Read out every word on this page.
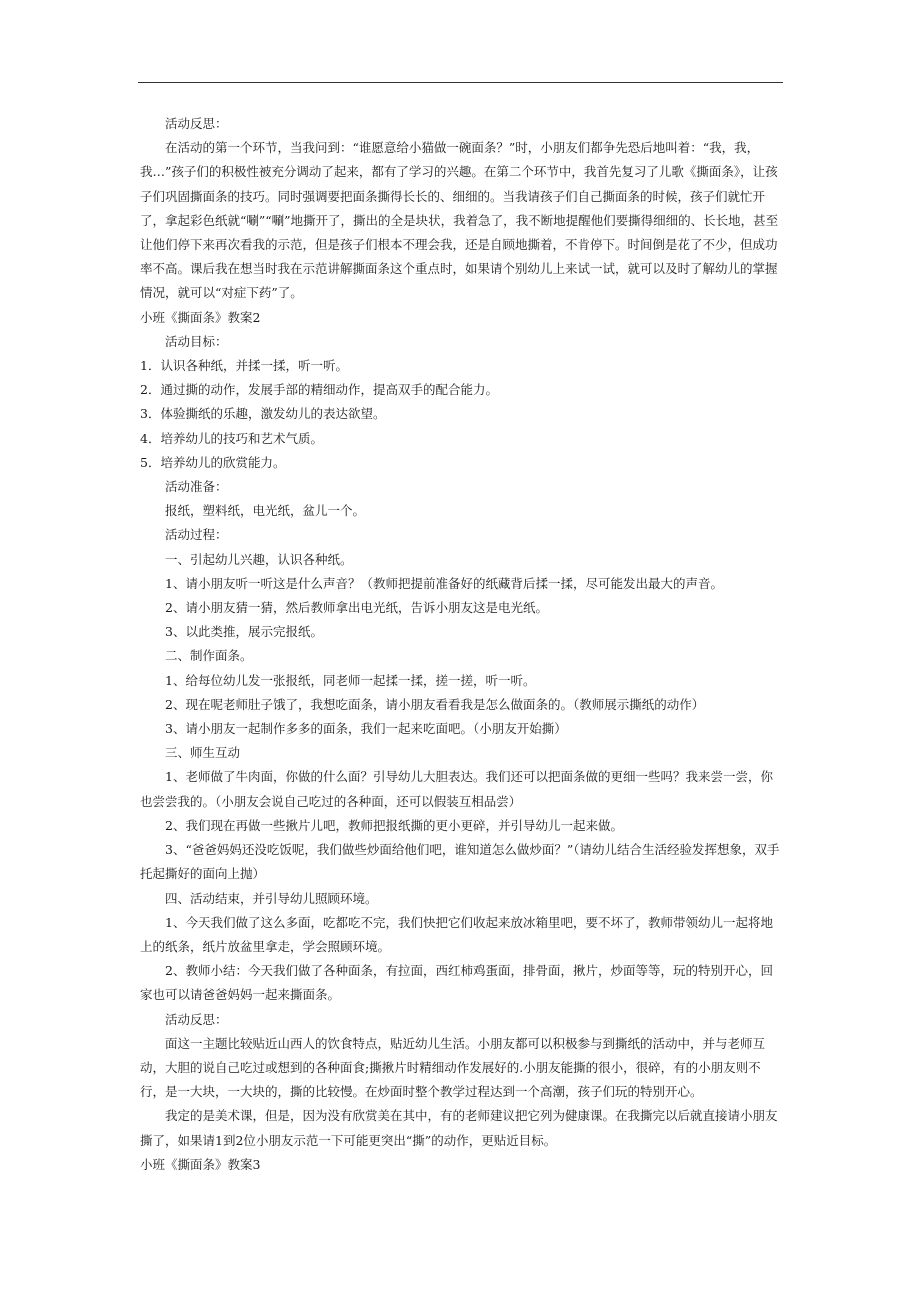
活动反思：

在活动的第一个环节，当我问到：“谁愿意给小猫做一碗面条？”时，小朋友们都争先恐后地叫着：“我，我，我…”孩子们的积极性被充分调动了起来，都有了学习的兴趣。在第二个环节中，我首先复习了儿歌《撕面条》，让孩子们巩固撕面条的技巧。同时强调要把面条撕得长长的、细细的。当我请孩子们自己撕面条的时候，孩子们就忙开了，拿起彩色纸就“唰”“唰”地撕开了，撕出的全是块状，我着急了，我不断地提醒他们要撕得细细的、长长地，甚至让他们停下来再次看我的示范，但是孩子们根本不理会我，还是自顾地撕着，不肯停下。时间倒是花了不少，但成功率不高。课后我在想当时我在示范讲解撕面条这个重点时，如果请个别幼儿上来试一试，就可以及时了解幼儿的掌握情况，就可以“对症下药”了。

小班《撕面条》教案2

活动目标：

1．认识各种纸，并揉一揉，听一听。

2．通过撕的动作，发展手部的精细动作，提高双手的配合能力。

3．体验撕纸的乐趣，激发幼儿的表达欲望。

4．培养幼儿的技巧和艺术气质。

5．培养幼儿的欣赏能力。

活动准备：

报纸，塑料纸，电光纸，盆儿一个。

活动过程：

一、引起幼儿兴趣，认识各种纸。

1、请小朋友听一听这是什么声音？（教师把提前准备好的纸藏背后揉一揉，尽可能发出最大的声音。

2、请小朋友猜一猜，然后教师拿出电光纸，告诉小朋友这是电光纸。

3、以此类推，展示完报纸。

二、制作面条。

1、给每位幼儿发一张报纸，同老师一起揉一揉，搓一搓，听一听。

2、现在呢老师肚子饿了，我想吃面条，请小朋友看看我是怎么做面条的。（教师展示撕纸的动作）

3、请小朋友一起制作多多的面条，我们一起来吃面吧。（小朋友开始撕）

三、师生互动

1、老师做了牛肉面，你做的什么面？引导幼儿大胆表达。我们还可以把面条做的更细一些吗？我来尝一尝，你也尝尝我的。（小朋友会说自己吃过的各种面，还可以假装互相品尝）

2、我们现在再做一些揪片儿吧，教师把报纸撕的更小更碎，并引导幼儿一起来做。

3、“爸爸妈妈还没吃饭呢，我们做些炒面给他们吧，谁知道怎么做炒面？”（请幼儿结合生活经验发挥想象，双手托起撕好的面向上抛）

四、活动结束，并引导幼儿照顾环境。

1、今天我们做了这么多面，吃都吃不完，我们快把它们收起来放冰箱里吧，要不坏了，教师带领幼儿一起将地上的纸条，纸片放盆里拿走，学会照顾环境。

2、教师小结：今天我们做了各种面条，有拉面，西红柿鸡蛋面，排骨面，揪片，炒面等等，玩的特别开心，回家也可以请爸爸妈妈一起来撕面条。

活动反思：

面这一主题比较贴近山西人的饮食特点，贴近幼儿生活。小朋友都可以积极参与到撕纸的活动中，并与老师互动，大胆的说自己吃过或想到的各种面食;撕揪片时精细动作发展好的.小朋友能撕的很小，很碎，有的小朋友则不行，是一大块，一大块的，撕的比较慢。在炒面时整个教学过程达到一个高潮，孩子们玩的特别开心。

我定的是美术课，但是，因为没有欣赏美在其中，有的老师建议把它列为健康课。在我撕完以后就直接请小朋友撕了，如果请1到2位小朋友示范一下可能更突出“撕”的动作，更贴近目标。

小班《撕面条》教案3
